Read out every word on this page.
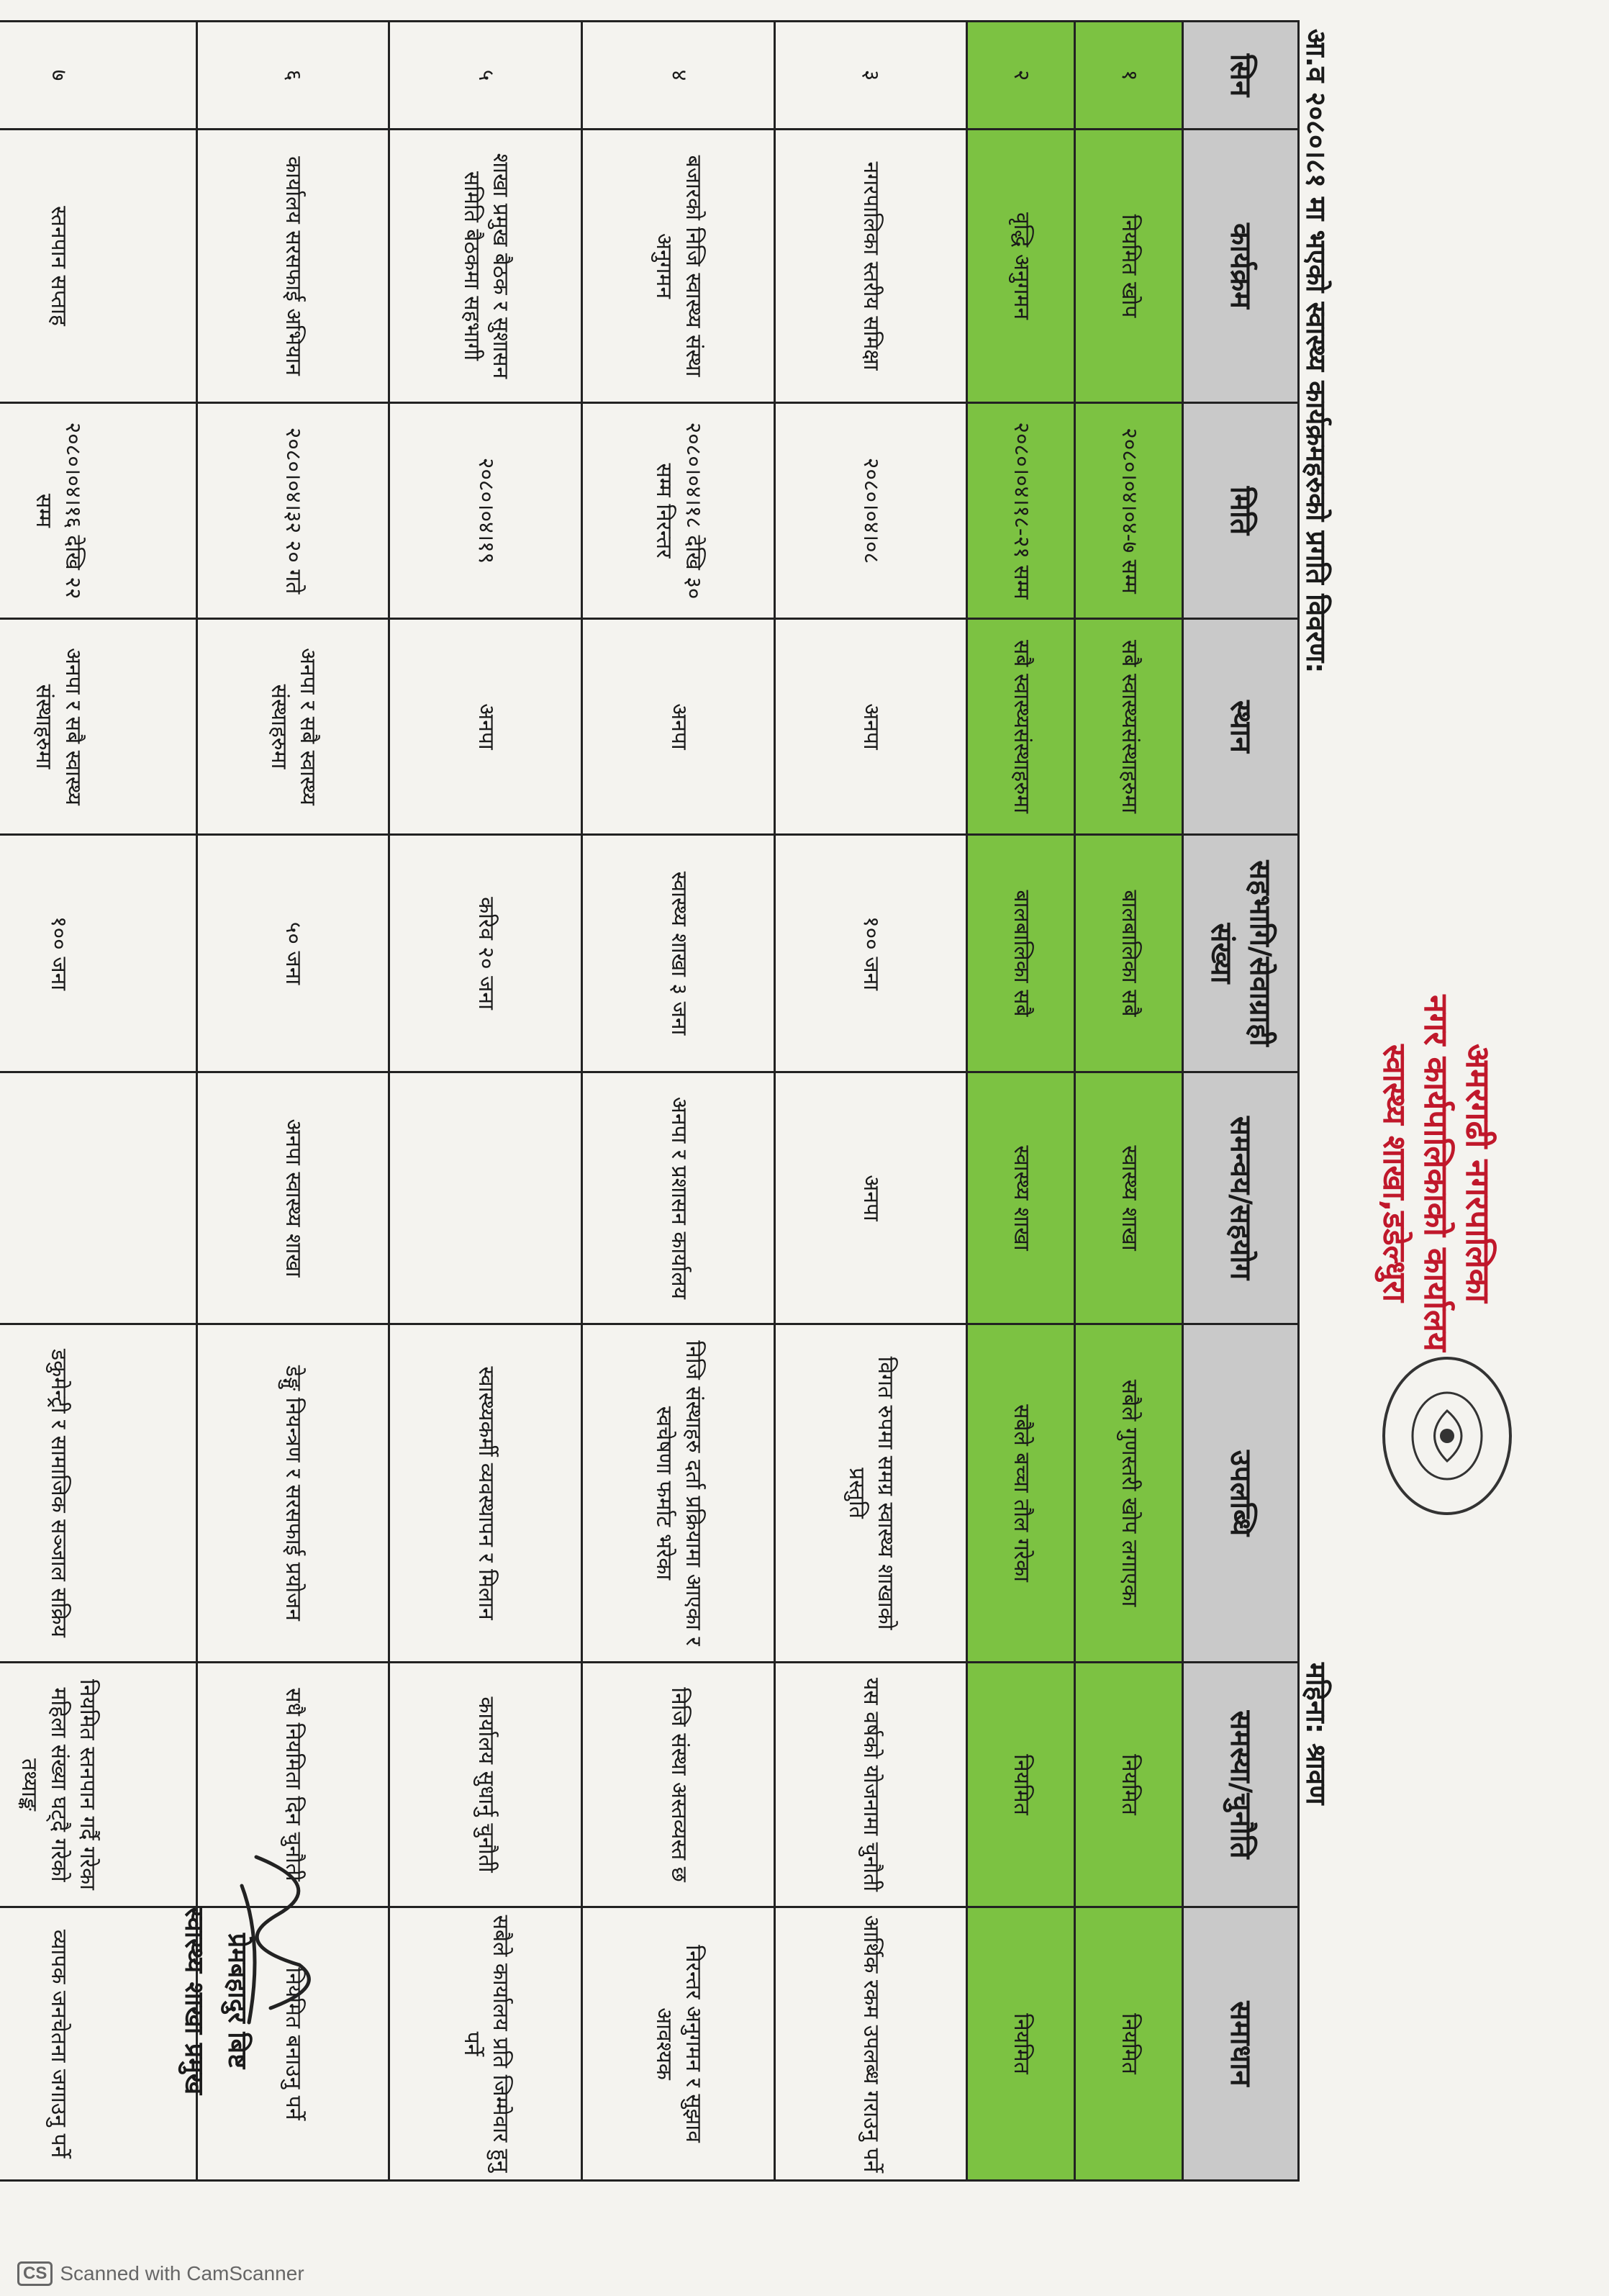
अमरगढी नगरपालिका
नगर कार्यपालिकाको कार्यालय
स्वास्थ्य शाखा,डडेल्धुरा
आ.व २०८०।८१ मा भएको स्वास्थ्य कार्यक्रमहरुको प्रगति विवरण:
महिना: श्रावण
सिन	कार्यक्रम	मिति	स्थान	सहभागि/सेवाग्राही संख्या	समन्वय/सहयोग	उपलब्धि	समस्या/चुनौति	समाधान
१	नियमित खोप	२०८०।०४।०४-७ सम्म	सबै स्वास्थ्यसंस्थाहरुमा	बालबालिका सबै	स्वास्थ्य शाखा	सबैले गुणस्तरी खोप लगाएका	नियमित	नियमित
२	वृद्धि अनुगमन	२०८०।०४।१८-२१ सम्म	सबै स्वास्थ्यसंस्थाहरुमा	बालबालिका सबै	स्वास्थ्य शाखा	सबैले बच्चा तौल गरेका	नियमित	नियमित
३	नगरपालिका स्तरीय समिक्षा	२०८०।०४।०८	अनपा	१०० जना	अनपा	विगत रुपमा समग्र स्वास्थ्य शाखाको प्रस्तुति	यस वर्षको योजनामा चुनौती	आर्थिक रकम उपलब्ध गराउनु पर्ने
४	बजारको निजि स्वास्थ्य संस्था अनुगमन	२०८०।०४।१८ देखि ३० सम्म निरन्तर	अनपा	स्वास्थ्य शाखा ३ जना	अनपा र प्रशासन कार्यालय	निजि संस्थाहरु दर्ता प्रक्रियामा आएका र स्वचेषणा फर्माट भरेका	निजि संस्था अस्तव्यस्त छ	निरन्तर अनुगमन र सुझाव आवश्यक
५	शाखा प्रमुख बैठक र सुशासन समिति बैठकमा सहभागी	२०८०।०४।१९	अनपा	करिव २० जना		स्वास्थ्यकर्मी व्यवस्थापन र मिलान	कार्यालय सुधार्नु चुनौती	सबैले कार्यालय प्रति जिम्मेवार हुनु पर्ने
६	कार्यालय सरसफाई अभियान	२०८०।०४।३२ २० गते	अनपा र सबै स्वास्थ्य संस्थाहरुमा	५० जना	अनपा स्वास्थ्य शाखा	डेङ्गु नियन्त्रण र सरसफाई प्रयोजन	सधै नियमिता दिन चुनौती	नियमित बनाउनु पर्ने
७	स्तनपान सप्ताह	२०८०।०४।१६ देखि २२ सम्म	अनपा र सबै स्वास्थ्य संस्थाहरुमा	१०० जना		डकुमेन्ट्री र सामाजिक सञ्जाल सक्रिय	नियमित स्तनपान गर्दै गरेका महिला संख्या घट्दै गरेको तथ्याङ्क	व्यापक जनचेतना जगाउनु पर्ने	प्रेमबहादुर बिष्ट
स्वास्थ्य शाखा प्रमुख
CS Scanned with CamScanner
